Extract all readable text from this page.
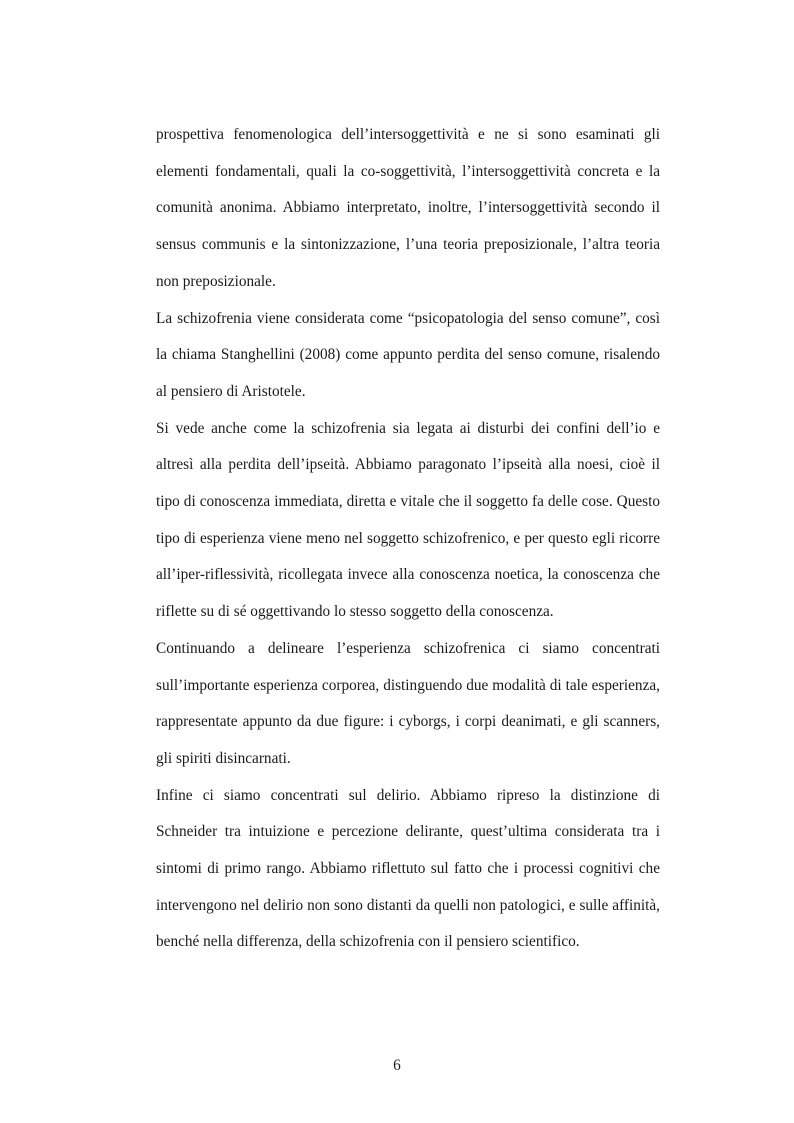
prospettiva fenomenologica dell’intersoggettività e ne si sono esaminati gli elementi fondamentali, quali la co-soggettività, l’intersoggettività concreta e la comunità anonima. Abbiamo interpretato, inoltre, l’intersoggettività secondo il sensus communis e la sintonizzazione, l’una teoria preposizionale, l’altra teoria non preposizionale.

La schizofrenia viene considerata come “psicopatologia del senso comune”, così la chiama Stanghellini (2008) come appunto perdita del senso comune, risalendo al pensiero di Aristotele.

Si vede anche come la schizofrenia sia legata ai disturbi dei confini dell’io e altresì alla perdita dell’ipseità. Abbiamo paragonato l’ipseità alla noesi, cioè il tipo di conoscenza immediata, diretta e vitale che il soggetto fa delle cose. Questo tipo di esperienza viene meno nel soggetto schizofrenico, e per questo egli ricorre all’iper-riflessività, ricollegata invece alla conoscenza noetica, la conoscenza che riflette su di sé oggettivando lo stesso soggetto della conoscenza.

Continuando a delineare l’esperienza schizofrenica ci siamo concentrati sull’importante esperienza corporea, distinguendo due modalità di tale esperienza, rappresentate appunto da due figure: i cyborgs, i corpi deanimati, e gli scanners, gli spiriti disincarnati.

Infine ci siamo concentrati sul delirio. Abbiamo ripreso la distinzione di Schneider tra intuizione e percezione delirante, quest’ultima considerata tra i sintomi di primo rango. Abbiamo riflettuto sul fatto che i processi cognitivi che intervengono nel delirio non sono distanti da quelli non patologici, e sulle affinità, benché nella differenza, della schizofrenia con il pensiero scientifico.

6
